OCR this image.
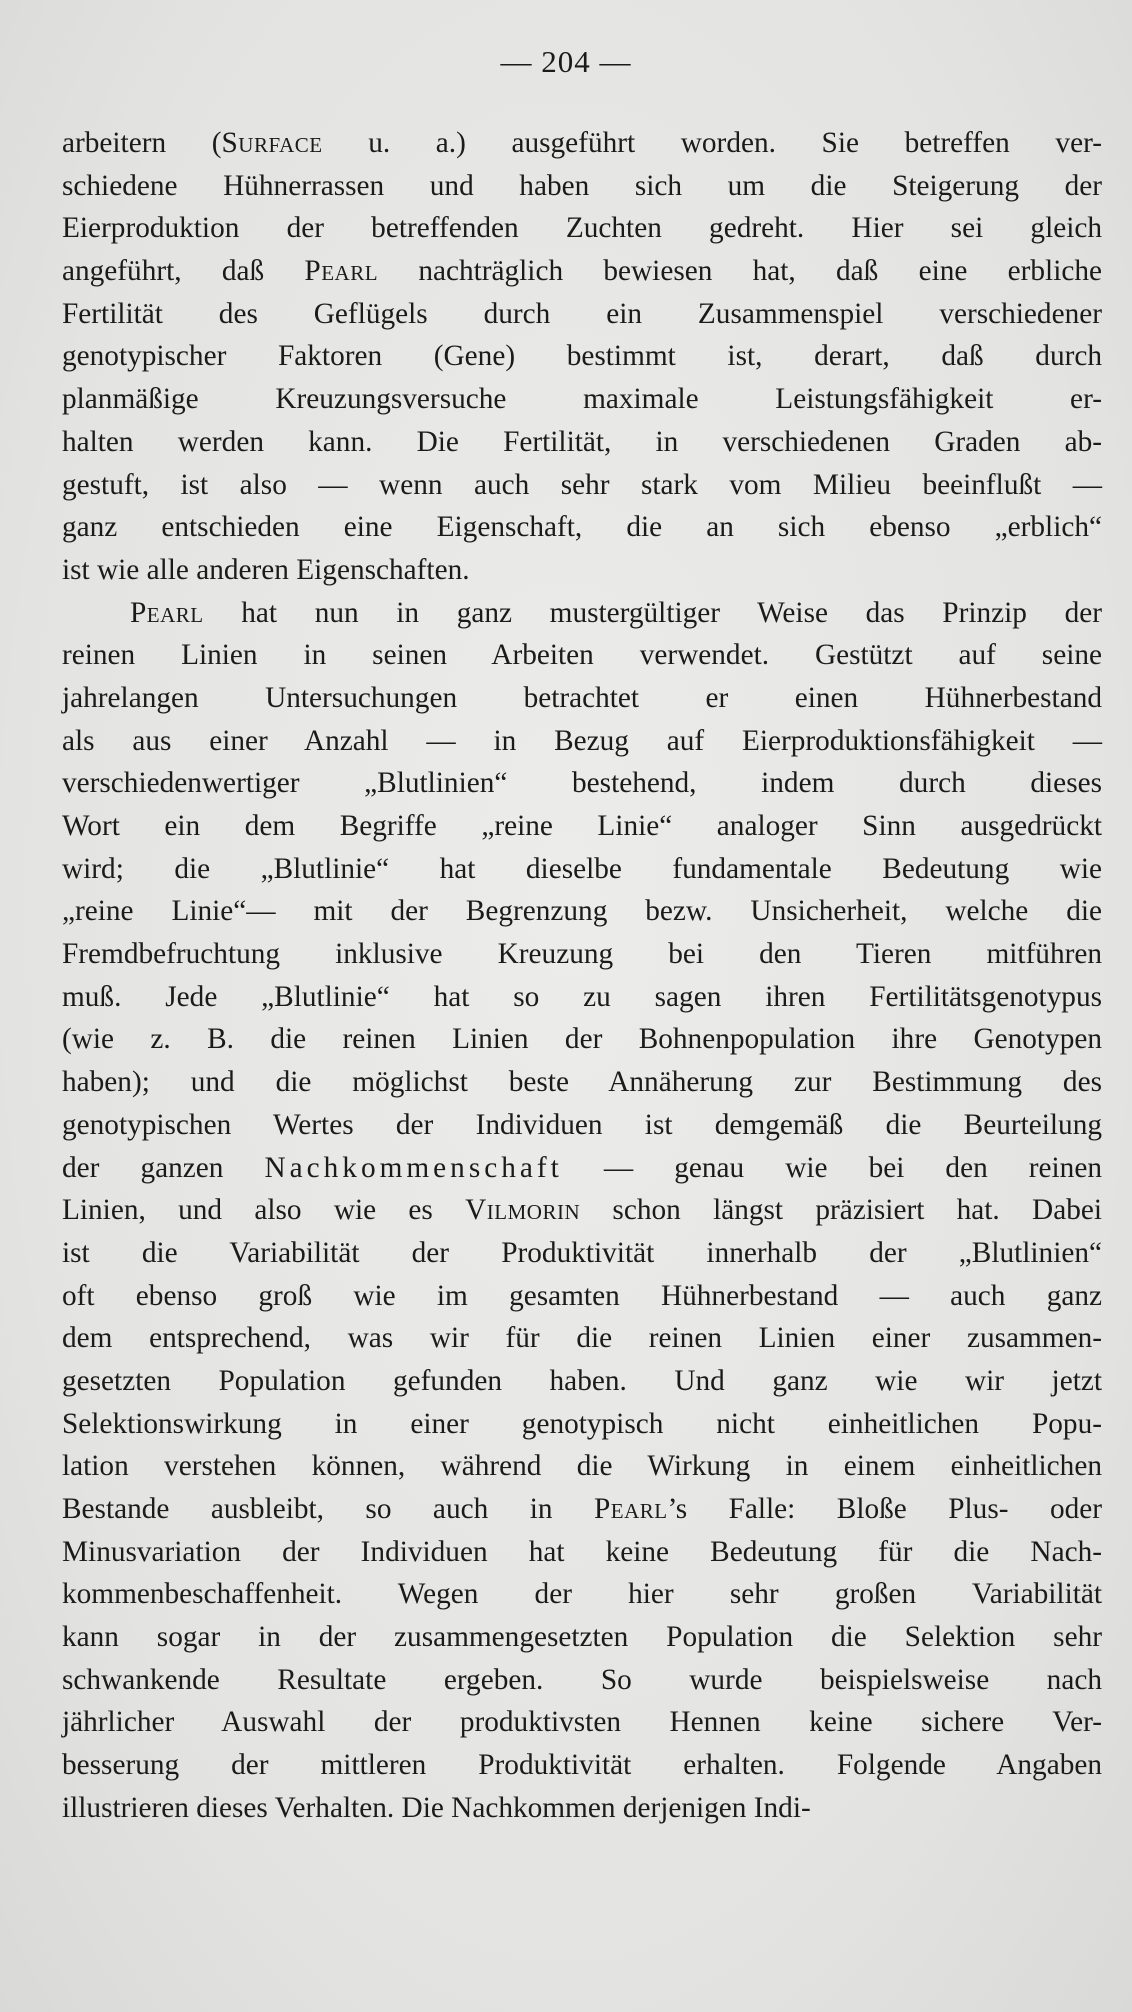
— 204 —
arbeitern (Surface u. a.) ausgeführt worden. Sie betreffen ver-
schiedene Hühnerrassen und haben sich um die Steigerung der
Eierproduktion der betreffenden Zuchten gedreht. Hier sei gleich
angeführt, daß Pearl nachträglich bewiesen hat, daß eine erbliche
Fertilität des Geflügels durch ein Zusammenspiel verschiedener
genotypischer Faktoren (Gene) bestimmt ist, derart, daß durch
planmäßige Kreuzungsversuche maximale Leistungsfähigkeit er-
halten werden kann. Die Fertilität, in verschiedenen Graden ab-
gestuft, ist also — wenn auch sehr stark vom Milieu beeinflußt —
ganz entschieden eine Eigenschaft, die an sich ebenso „erblich“
ist wie alle anderen Eigenschaften.
Pearl hat nun in ganz mustergültiger Weise das Prinzip der
reinen Linien in seinen Arbeiten verwendet. Gestützt auf seine
jahrelangen Untersuchungen betrachtet er einen Hühnerbestand
als aus einer Anzahl — in Bezug auf Eierproduktionsfähigkeit —
verschiedenwertiger „Blutlinien“ bestehend, indem durch dieses
Wort ein dem Begriffe „reine Linie“ analoger Sinn ausgedrückt
wird; die „Blutlinie“ hat dieselbe fundamentale Bedeutung wie
„reine Linie“— mit der Begrenzung bezw. Unsicherheit, welche die
Fremdbefruchtung inklusive Kreuzung bei den Tieren mitführen
muß. Jede „Blutlinie“ hat so zu sagen ihren Fertilitätsgenotypus
(wie z. B. die reinen Linien der Bohnenpopulation ihre Genotypen
haben); und die möglichst beste Annäherung zur Bestimmung des
genotypischen Wertes der Individuen ist demgemäß die Beurteilung
der ganzen Nachkommenschaft — genau wie bei den reinen
Linien, und also wie es Vilmorin schon längst präzisiert hat. Dabei
ist die Variabilität der Produktivität innerhalb der „Blutlinien“
oft ebenso groß wie im gesamten Hühnerbestand — auch ganz
dem entsprechend, was wir für die reinen Linien einer zusammen-
gesetzten Population gefunden haben. Und ganz wie wir jetzt
Selektionswirkung in einer genotypisch nicht einheitlichen Popu-
lation verstehen können, während die Wirkung in einem einheitlichen
Bestande ausbleibt, so auch in Pearl’s Falle: Bloße Plus- oder
Minusvariation der Individuen hat keine Bedeutung für die Nach-
kommenbeschaffenheit. Wegen der hier sehr großen Variabilität
kann sogar in der zusammengesetzten Population die Selektion sehr
schwankende Resultate ergeben. So wurde beispielsweise nach
jährlicher Auswahl der produktivsten Hennen keine sichere Ver-
besserung der mittleren Produktivität erhalten. Folgende Angaben
illustrieren dieses Verhalten. Die Nachkommen derjenigen Indi-
